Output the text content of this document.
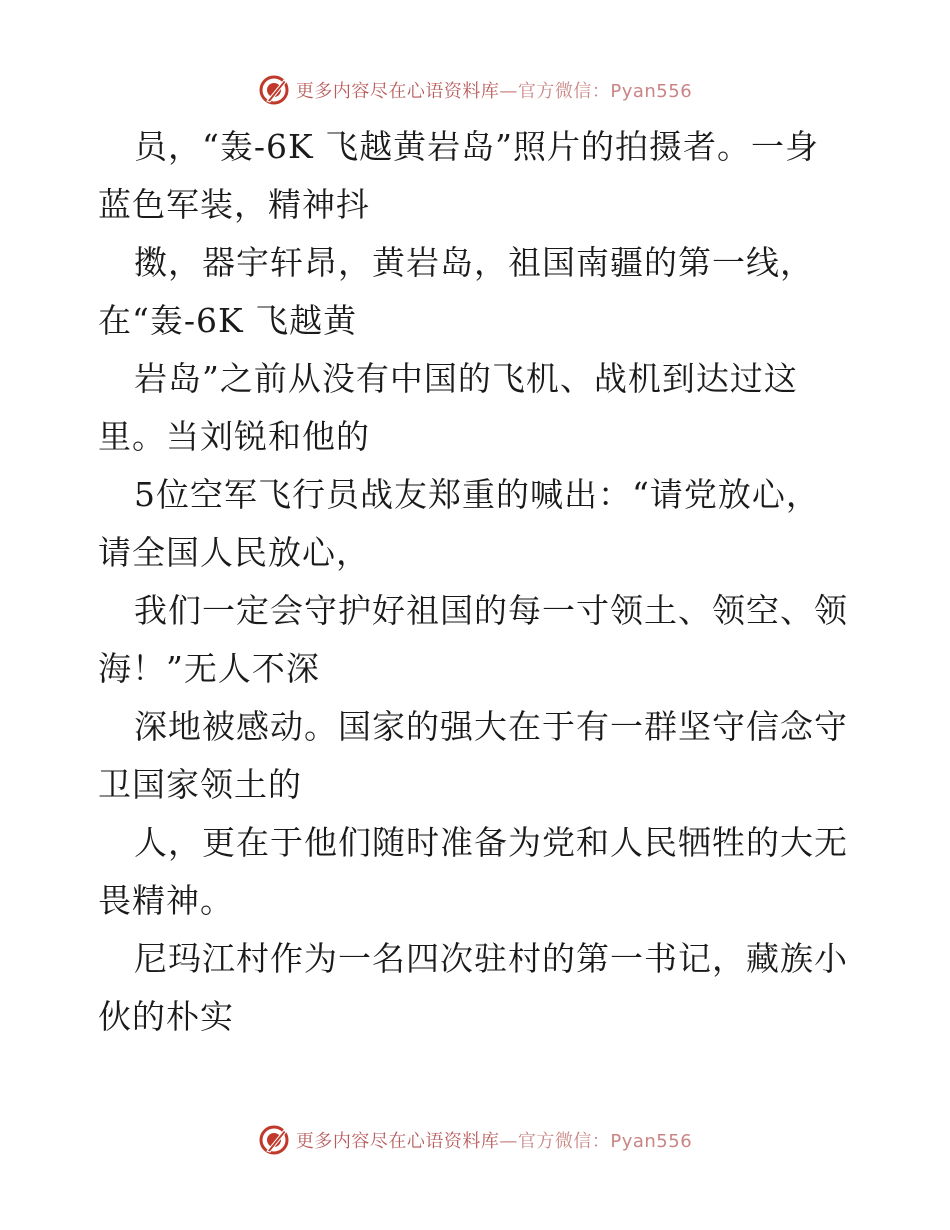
更多内容尽在心语资料库—官方微信：Pyan556
员，“轰-6K 飞越黄岩岛”照片的拍摄者。一身
蓝色军装，精神抖
擞，器宇轩昂，黄岩岛，祖国南疆的第一线，
在“轰-6K 飞越黄
岩岛”之前从没有中国的飞机、战机到达过这
里。当刘锐和他的
5位空军飞行员战友郑重的喊出：“请党放心，
请全国人民放心，
我们一定会守护好祖国的每一寸领土、领空、领
海！”无人不深
深地被感动。国家的强大在于有一群坚守信念守
卫国家领土的
人，更在于他们随时准备为党和人民牺牲的大无
畏精神。
尼玛江村作为一名四次驻村的第一书记，藏族小
伙的朴实
更多内容尽在心语资料库—官方微信：Pyan556
